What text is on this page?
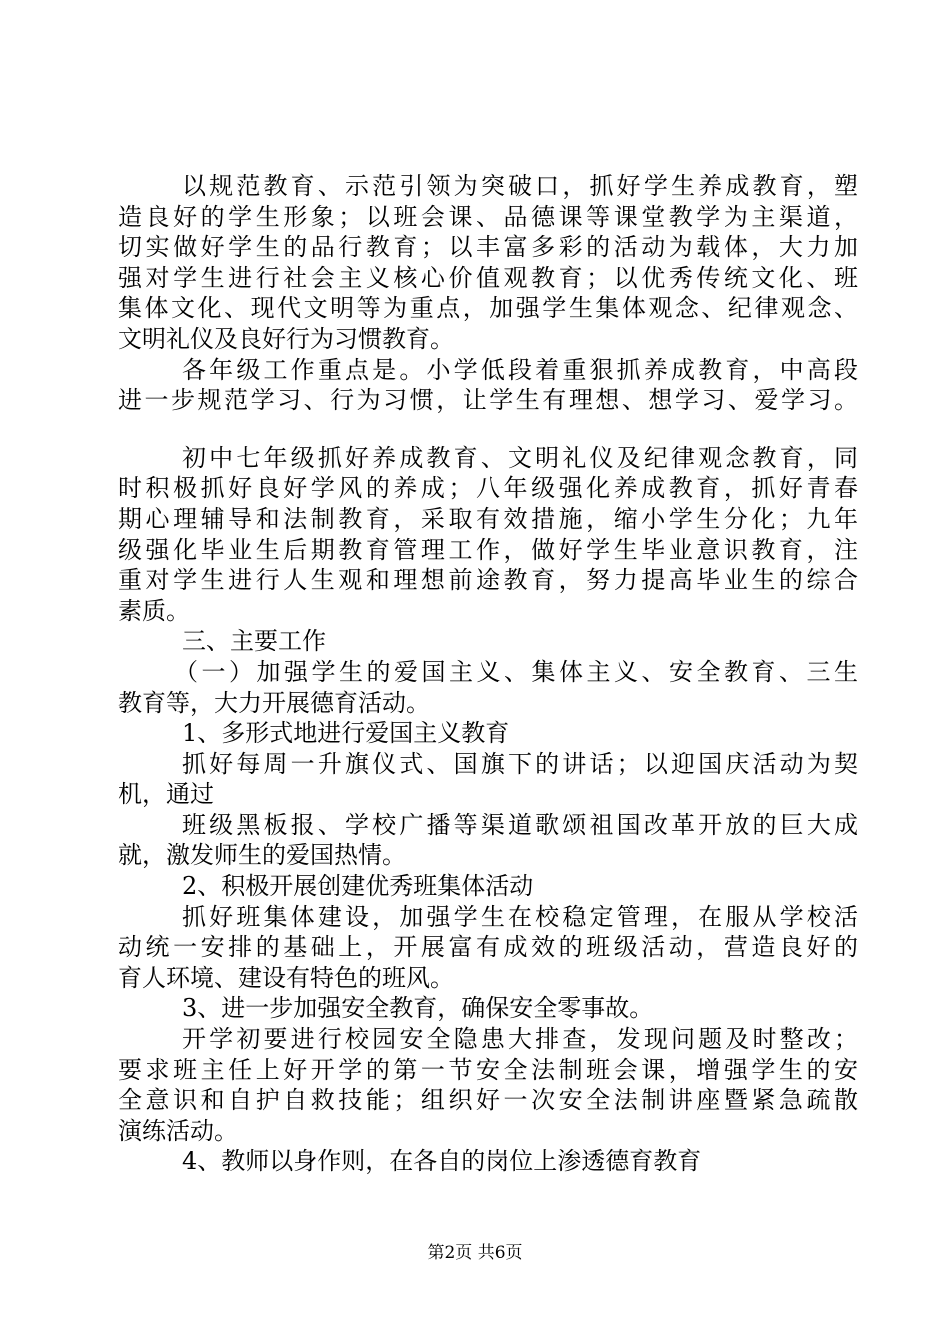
以规范教育、示范引领为突破口，抓好学生养成教育，塑
造良好的学生形象；以班会课、品德课等课堂教学为主渠道，
切实做好学生的品行教育；以丰富多彩的活动为载体，大力加
强对学生进行社会主义核心价值观教育；以优秀传统文化、班
集体文化、现代文明等为重点，加强学生集体观念、纪律观念、
文明礼仪及良好行为习惯教育。
各年级工作重点是。小学低段着重狠抓养成教育，中高段
进一步规范学习、行为习惯，让学生有理想、想学习、爱学习。
初中七年级抓好养成教育、文明礼仪及纪律观念教育，同
时积极抓好良好学风的养成；八年级强化养成教育，抓好青春
期心理辅导和法制教育，采取有效措施，缩小学生分化；九年
级强化毕业生后期教育管理工作，做好学生毕业意识教育，注
重对学生进行人生观和理想前途教育，努力提高毕业生的综合
素质。
三、主要工作
（一）加强学生的爱国主义、集体主义、安全教育、三生
教育等，大力开展德育活动。
1、多形式地进行爱国主义教育
抓好每周一升旗仪式、国旗下的讲话；以迎国庆活动为契
机，通过
班级黑板报、学校广播等渠道歌颂祖国改革开放的巨大成
就，激发师生的爱国热情。
2、积极开展创建优秀班集体活动
抓好班集体建设，加强学生在校稳定管理，在服从学校活
动统一安排的基础上，开展富有成效的班级活动，营造良好的
育人环境、建设有特色的班风。
3、进一步加强安全教育，确保安全零事故。
开学初要进行校园安全隐患大排查，发现问题及时整改；
要求班主任上好开学的第一节安全法制班会课，增强学生的安
全意识和自护自救技能；组织好一次安全法制讲座暨紧急疏散
演练活动。
4、教师以身作则，在各自的岗位上渗透德育教育
第2页 共6页
